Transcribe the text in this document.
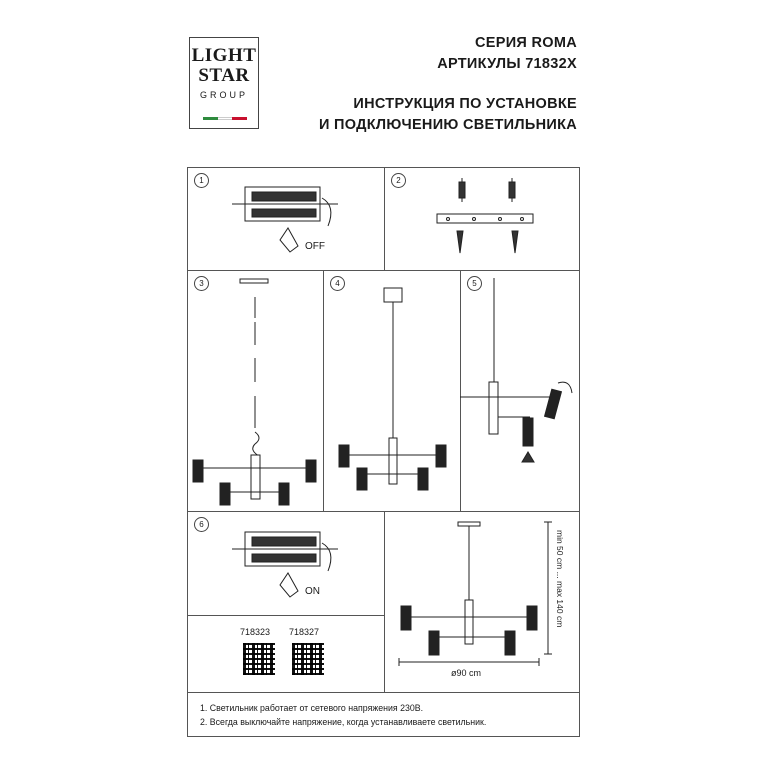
LIGHT
STAR
GROUP
СЕРИЯ ROMA
АРТИКУЛЫ 71832X
ИНСТРУКЦИЯ ПО УСТАНОВКЕ
И ПОДКЛЮЧЕНИЮ СВЕТИЛЬНИКА
1	2
3	4	5
6
OFF
ON	min 50 cm ... max 140 cm
ø90 cm
718323 718327
1. Светильник работает от сетевого напряжения 230В.
2. Всегда выключайте напряжение, когда устанавливаете светильник.
